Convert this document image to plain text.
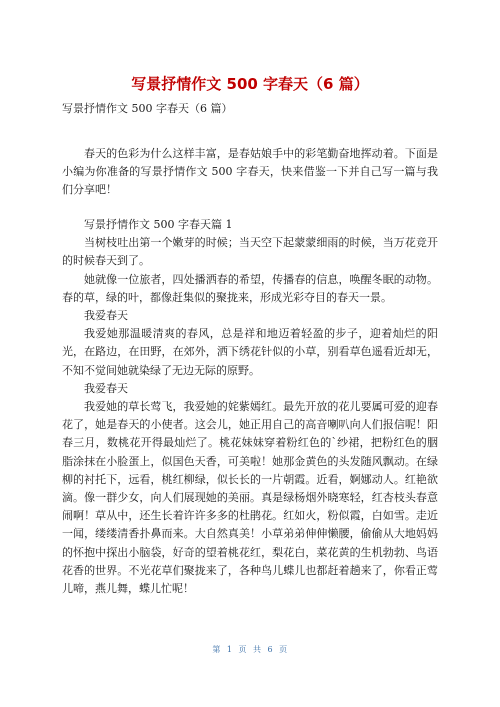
写景抒情作文 500 字春天（6 篇）
写景抒情作文 500 字春天（6 篇）

春天的色彩为什么这样丰富，是春姑娘手中的彩笔勤奋地挥动着。下面是小编为你准备的写景抒情作文 500 字春天，快来借鉴一下并自己写一篇与我们分享吧！

写景抒情作文 500 字春天篇 1

当树枝吐出第一个嫩芽的时候；当天空下起蒙蒙细雨的时候，当万花竞开的时候春天到了。

她就像一位旅者，四处播洒春的希望，传播春的信息，唤醒冬眠的动物。春的草，绿的叶，都像赶集似的聚拢来，形成光彩夺目的春天一景。

我爱春天

我爱她那温暖清爽的春风，总是祥和地迈着轻盈的步子，迎着灿烂的阳光，在路边，在田野，在郊外，洒下绣花针似的小草，别看草色遥看近却无，不知不觉间她就染绿了无边无际的原野。

我爱春天

我爱她的草长莺飞，我爱她的姹紫嫣红。最先开放的花儿要属可爱的迎春花了，她是春天的小使者。这会儿，她正用自己的高音喇叭向人们报信呢！阳春三月，数桃花开得最灿烂了。桃花妹妹穿着粉红色的`纱裙，把粉红色的胭脂涂抹在小脸蛋上，似国色天香，可美啦！她那金黄色的头发随风飘动。在绿柳的衬托下，远看，桃红柳绿，似长长的一片朝霞。近看，婀娜动人。红艳欲滴。像一群少女，向人们展现她的美丽。真是绿杨烟外晓寒轻，红杏枝头春意闹啊！草从中，还生长着许许多多的杜鹃花。红如火，粉似霞，白如雪。走近一闻，缕缕清香扑鼻而来。大自然真美！小草弟弟伸伸懒腰，偷偷从大地妈妈的怀抱中探出小脑袋，好奇的望着桃花红，梨花白，菜花黄的生机勃勃、鸟语花香的世界。不光花草们聚拢来了，各种鸟儿蝶儿也都赶着趟来了，你看正莺儿啼，燕儿舞，蝶儿忙呢！

第 1 页 共 6 页
